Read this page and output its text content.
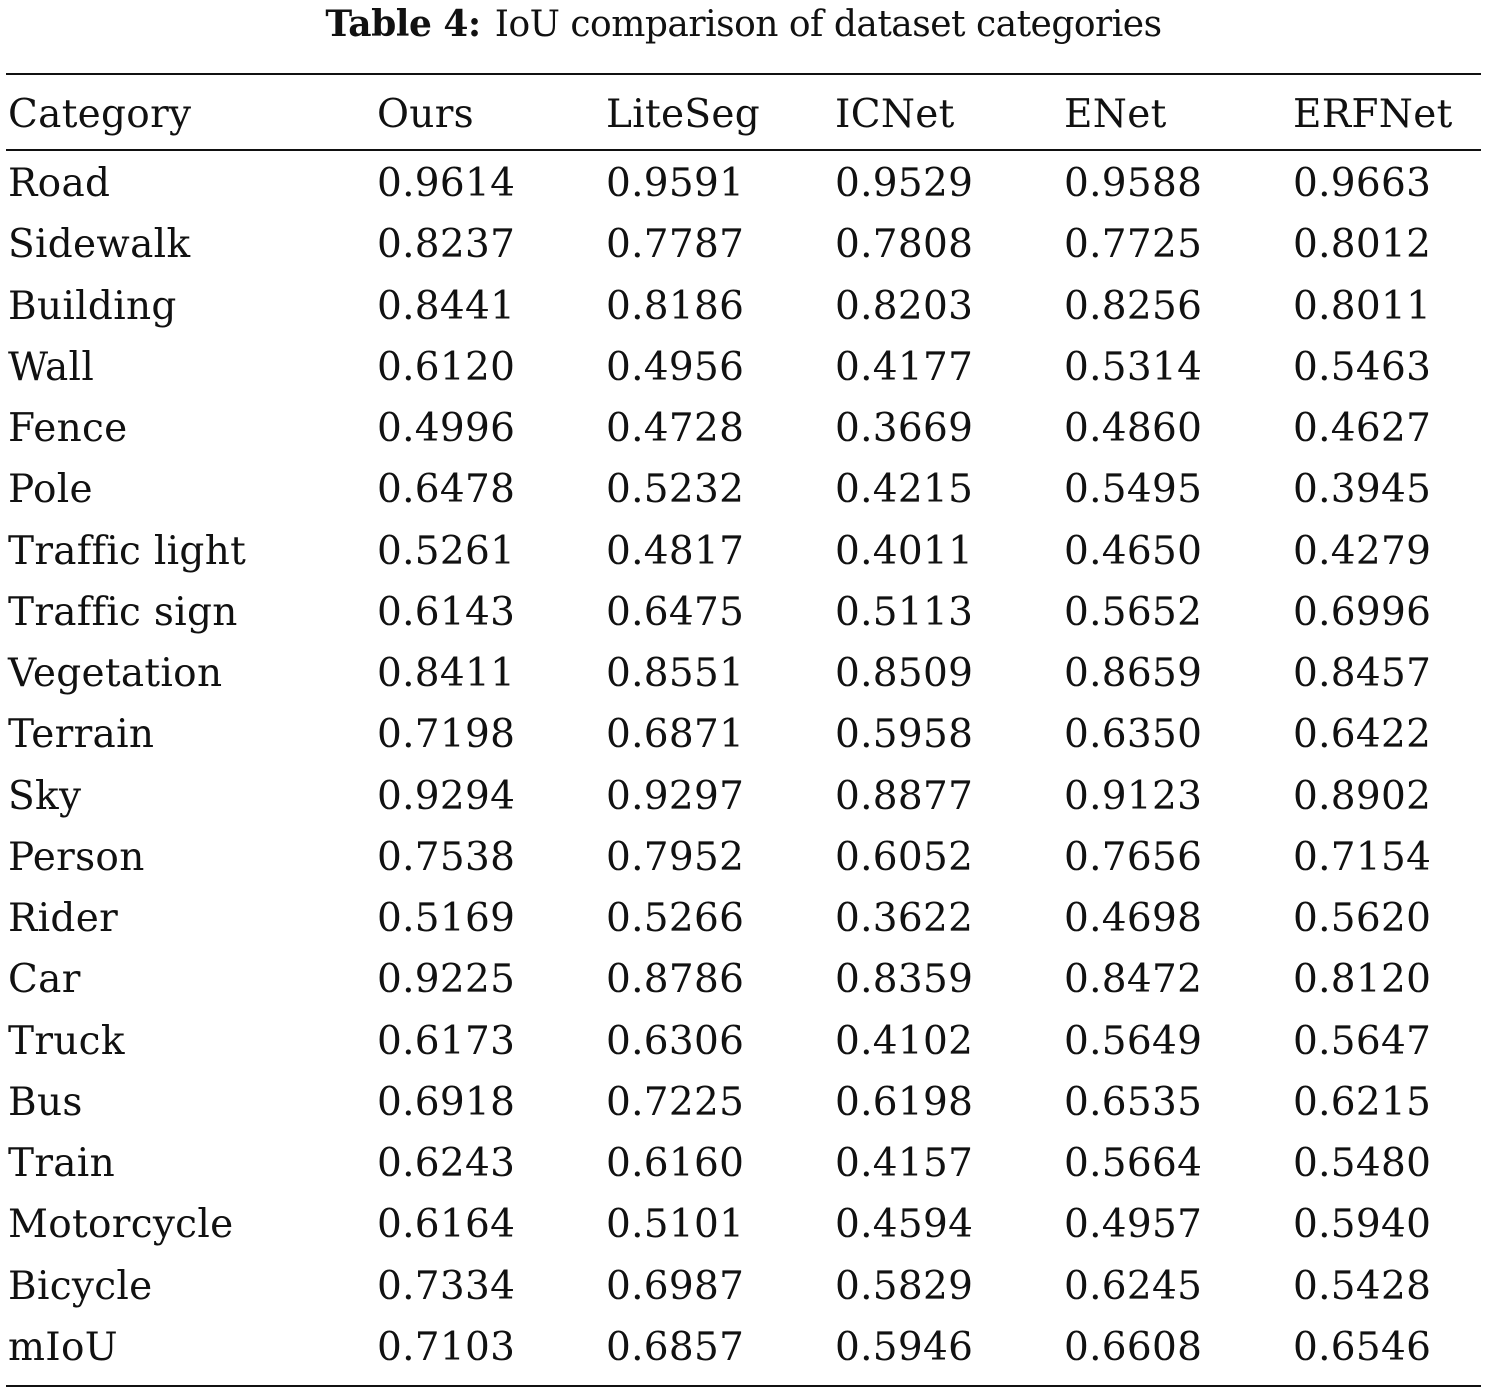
Table 4: IoU comparison of dataset categories
Category	Ours	LiteSeg	ICNet	ENet	ERFNet

Road	0.9614	0.9591	0.9529	0.9588	0.9663
Sidewalk	0.8237	0.7787	0.7808	0.7725	0.8012
Building	0.8441	0.8186	0.8203	0.8256	0.8011
Wall	0.6120	0.4956	0.4177	0.5314	0.5463
Fence	0.4996	0.4728	0.3669	0.4860	0.4627
Pole	0.6478	0.5232	0.4215	0.5495	0.3945
Traffic light	0.5261	0.4817	0.4011	0.4650	0.4279
Traffic sign	0.6143	0.6475	0.5113	0.5652	0.6996
Vegetation	0.8411	0.8551	0.8509	0.8659	0.8457
Terrain	0.7198	0.6871	0.5958	0.6350	0.6422
Sky	0.9294	0.9297	0.8877	0.9123	0.8902
Person	0.7538	0.7952	0.6052	0.7656	0.7154
Rider	0.5169	0.5266	0.3622	0.4698	0.5620
Car	0.9225	0.8786	0.8359	0.8472	0.8120
Truck	0.6173	0.6306	0.4102	0.5649	0.5647
Bus	0.6918	0.7225	0.6198	0.6535	0.6215
Train	0.6243	0.6160	0.4157	0.5664	0.5480
Motorcycle	0.6164	0.5101	0.4594	0.4957	0.5940
Bicycle	0.7334	0.6987	0.5829	0.6245	0.5428
mIoU	0.7103	0.6857	0.5946	0.6608	0.6546
